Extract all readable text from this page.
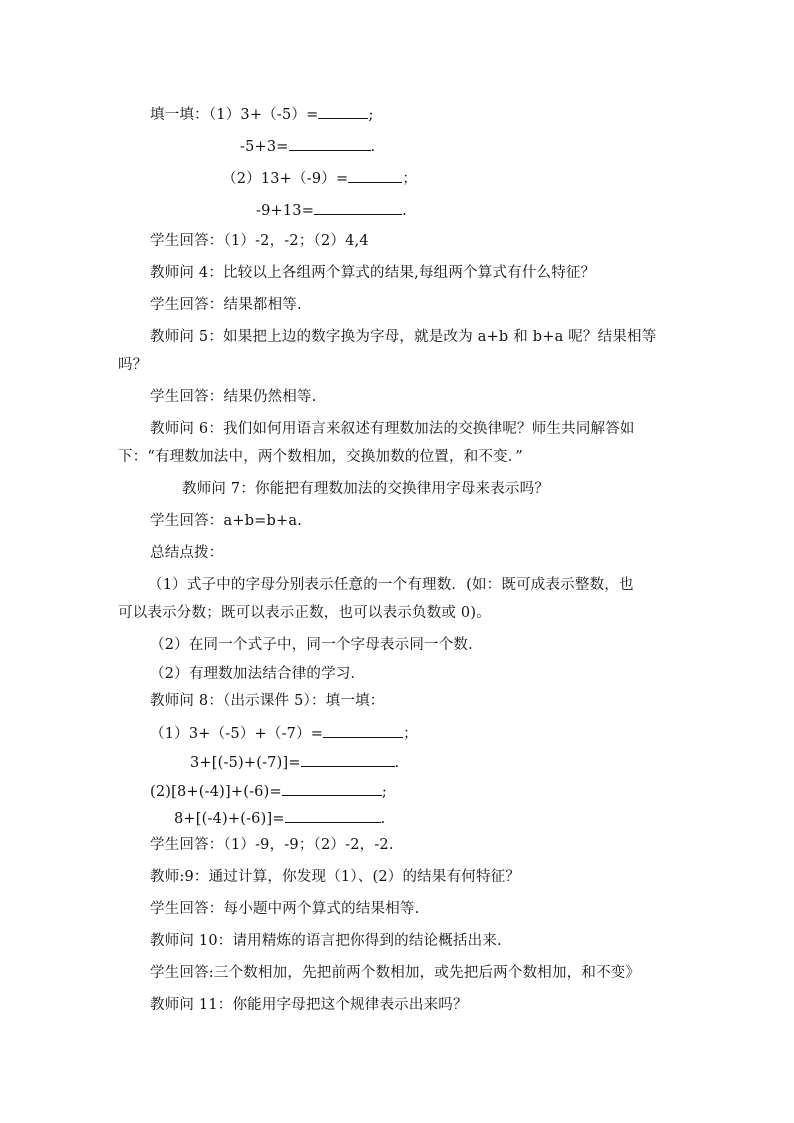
填一填：（1）3+（-5）=	;
-5+3=	.
（2）13+（-9）=	；
-9+13=	.
学生回答：（1）-2，-2；（2）4,4
教师问 4：比较以上各组两个算式的结果,每组两个算式有什么特征？
学生回答：结果都相等.
教师问 5：如果把上边的数字换为字母，就是改为 a+b 和 b+a 呢？结果相等
吗？
学生回答：结果仍然相等.
教师问 6：我们如何用语言来叙述有理数加法的交换律呢？师生共同解答如
下：“有理数加法中，两个数相加，交换加数的位置，和不变．”
教师问 7：你能把有理数加法的交换律用字母来表示吗？
学生回答：a+b=b+a.
总结点拨：
（1）式子中的字母分别表示任意的一个有理数．(如：既可成表示整数，也
可以表示分数；既可以表示正数，也可以表示负数或 0)。
（2）在同一个式子中，同一个字母表示同一个数．
（2）有理数加法结合律的学习．
教师问 8：（出示课件 5）：填一填：
（1）3+（-5）+（-7）=	；
3+[(-5)+(-7)]=	.
(2)[8+(-4)]+(-6)=	;
8+[(-4)+(-6)]=	.
学生回答：（1）-9，-9；（2）-2，-2.
教师:9：通过计算，你发现（1）、(2）的结果有何特征？
学生回答：每小题中两个算式的结果相等.
教师问 10：请用精炼的语言把你得到的结论概括出来.
学生回答:三个数相加，先把前两个数相加，或先把后两个数相加，和不变》
教师问 11：你能用字母把这个规律表示出来吗？
